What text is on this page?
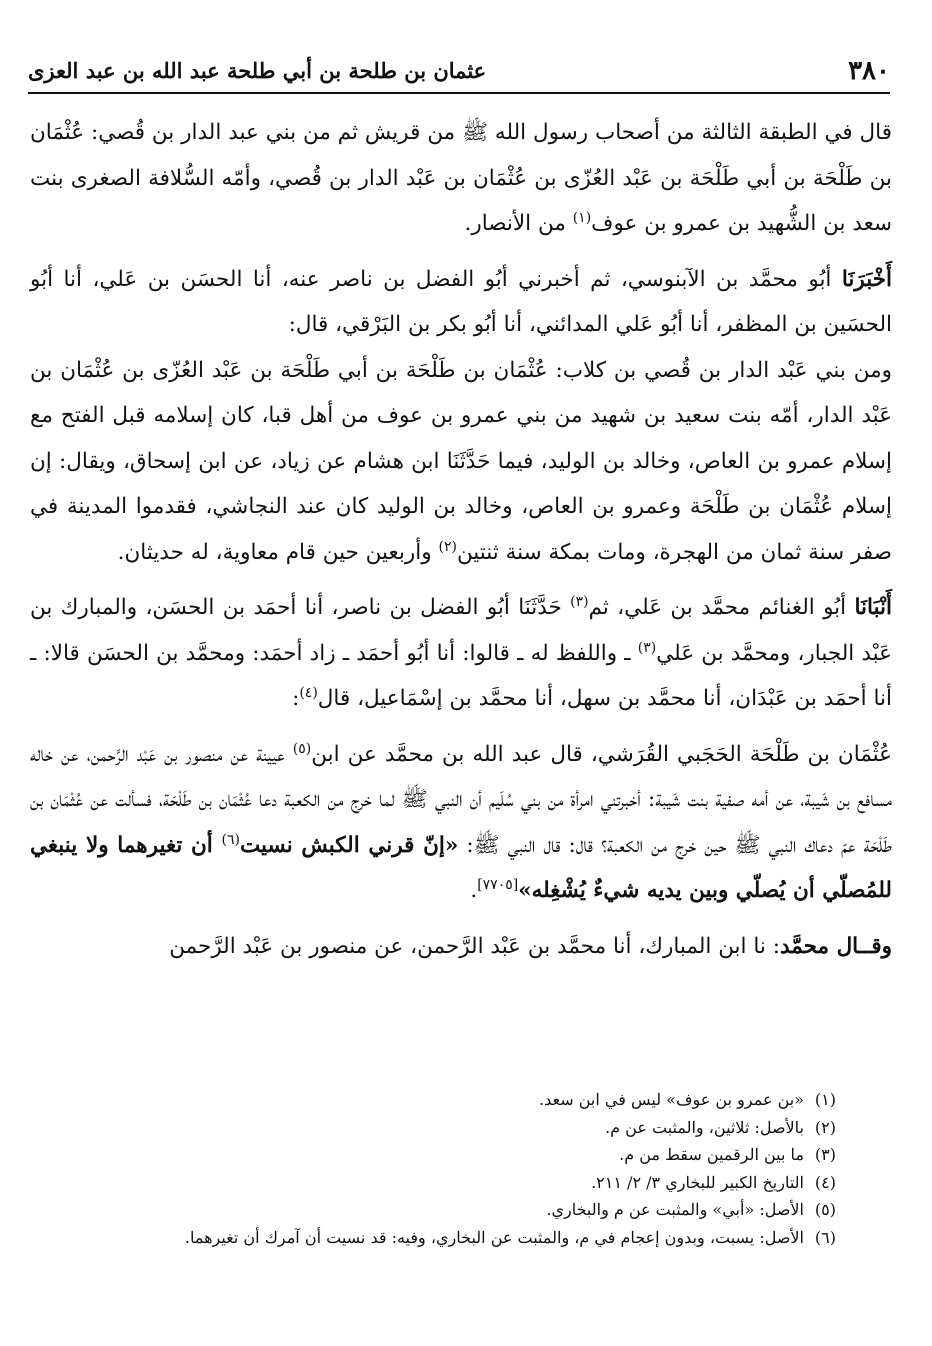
٣٨٠
عثمان بن طلحة بن أبي طلحة عبد الله بن عبد العزى

قال في الطبقة الثالثة من أصحاب رسول الله ﷺ من قريش ثم من بني عبد الدار بن قُصي: عُثْمَان بن طَلْحَة بن أبي طَلْحَة بن عَبْد العُزّى بن عُثْمَان بن عَبْد الدار بن قُصي، وأمّه السُّلافة الصغرى بنت سعد بن الشُّهيد بن عمرو بن عوف$^{(١)}$ من الأنصار.

أَخْبَرَنَا أبُو محمَّد بن الآبنوسي، ثم أخبرني أبُو الفضل بن ناصر عنه، أنا الحسَن بن عَلي، أنا أبُو الحسَين بن المظفر، أنا أبُو عَلي المدائني، أنا أبُو بكر بن البَرْقي، قال:

ومن بني عَبْد الدار بن قُصي بن كلاب: عُثْمَان بن طَلْحَة بن أبي طَلْحَة بن عَبْد العُزّى بن عُثْمَان بن عَبْد الدار، أمّه بنت سعيد بن شهيد من بني عمرو بن عوف من أهل قبا، كان إسلامه قبل الفتح مع إسلام عمرو بن العاص، وخالد بن الوليد، فيما حَدَّثَنَا ابن هشام عن زياد، عن ابن إسحاق، ويقال: إن إسلام عُثْمَان بن طَلْحَة وعمرو بن العاص، وخالد بن الوليد كان عند النجاشي، فقدموا المدينة في صفر سنة ثمان من الهجرة، ومات بمكة سنة ثنتين$^{(٢)}$ وأربعين حين قام معاوية، له حديثان.

أَنْبَانَا أبُو الغنائم محمَّد بن عَلي، ثم$^{(٣)}$ حَدَّثَنَا أبُو الفضل بن ناصر، أنا أحمَد بن الحسَن، والمبارك بن عَبْد الجبار، ومحمَّد بن عَلي$^{(٣)}$ ـ واللفظ له ـ قالوا: أنا أبُو أحمَد ـ زاد أحمَد: ومحمَّد بن الحسَن قالا: ـ أنا أحمَد بن عَبْدَان، أنا محمَّد بن سهل، أنا محمَّد بن إسْمَاعيل، قال$^{(٤)}$:

عُثْمَان بن طَلْحَة الحَجَبي القُرَشي، قال عبد الله بن محمَّد عن ابن$^{(٥)}$ عيينة عن منصور بن عَبْد الرَّحمن، عن خاله مسافع بن شَيبة، عن أمه صفية بنت شَيبة: أخبرتني امرأة من بني سُلَيم أن النبي ﷺ لما خرج من الكعبة دعا عُثْمَان بن طَلْحَة، فسألت عن عُثْمَان بن طَلْحَة عمّ دعاك النبي ﷺ حين خرج من الكعبة؟ قال: قال النبي ﷺ: «إنّ قرني الكبش نسيت$^{(٦)}$ أن تغيرهما ولا ينبغي للمُصلّي أن يُصلّي وبين يديه شيءٌ يُشْغِله»[٧٧٠٥].

وقــال محمَّد: نا ابن المبارك، أنا محمَّد بن عَبْد الرَّحمن، عن منصور بن عَبْد الرَّحمن

(١)
«بن عمرو بن عوف» ليس في ابن سعد.
(٢)
بالأصل: ثلاثين، والمثبت عن م.
(٣)
ما بين الرقمين سقط من م.
(٤)
التاريخ الكبير للبخاري ٣/ ٢/ ٢١١.
(٥)
الأصل: «أبي» والمثبت عن م والبخاري.
(٦)
الأصل: يسبت، وبدون إعجام في م، والمثبت عن البخاري، وفيه: قد نسيت أن آمرك أن تغيرهما.
